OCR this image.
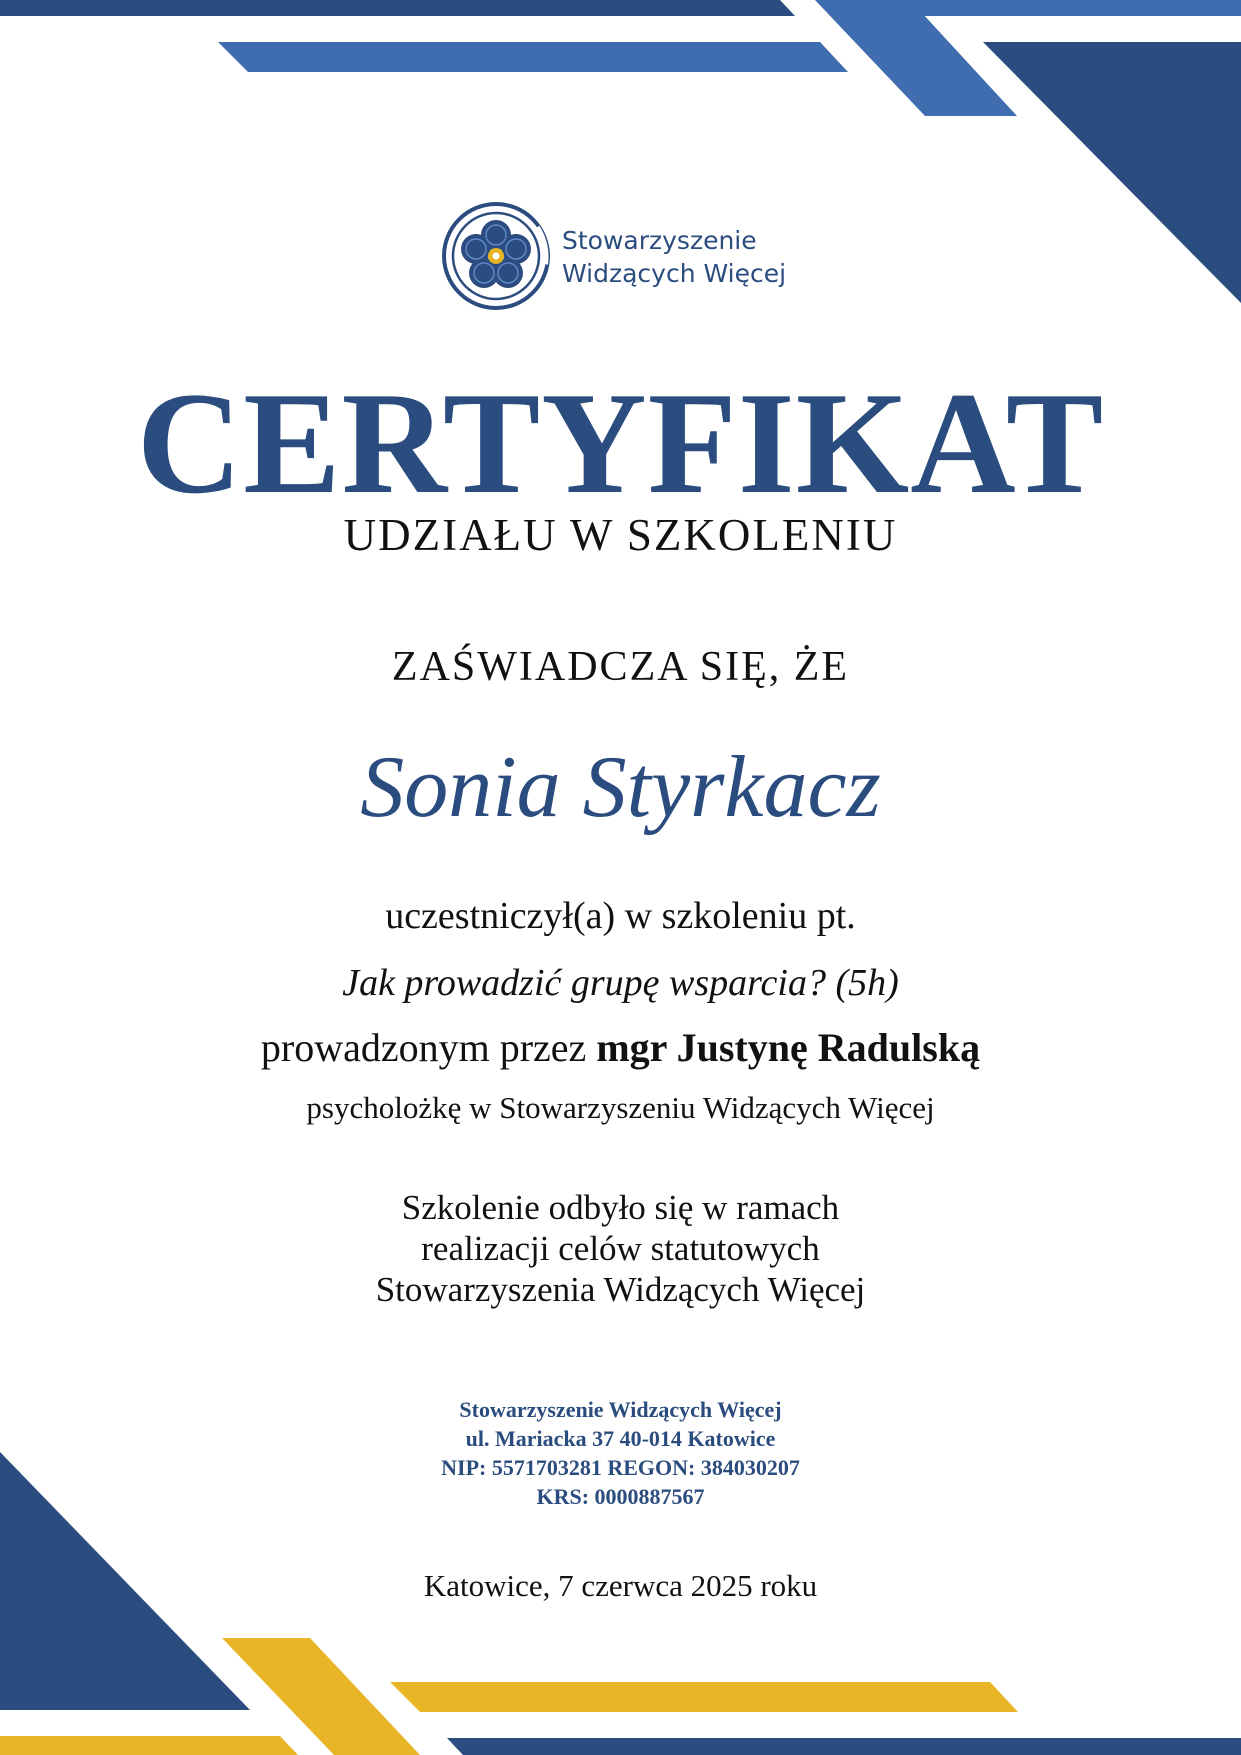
Stowarzyszenie
Widzących Więcej
CERTYFIKAT
UDZIAŁU W SZKOLENIU
ZAŚWIADCZA SIĘ, ŻE
Sonia Styrkacz
uczestniczył(a) w szkoleniu pt.
Jak prowadzić grupę wsparcia? (5h)
prowadzonym przez mgr Justynę Radulską
psycholożkę w Stowarzyszeniu Widzących Więcej
Szkolenie odbyło się w ramach
realizacji celów statutowych
Stowarzyszenia Widzących Więcej
Stowarzyszenie Widzących Więcej
ul. Mariacka 37 40-014 Katowice
NIP: 5571703281 REGON: 384030207
KRS: 0000887567
Katowice, 7 czerwca 2025 roku
